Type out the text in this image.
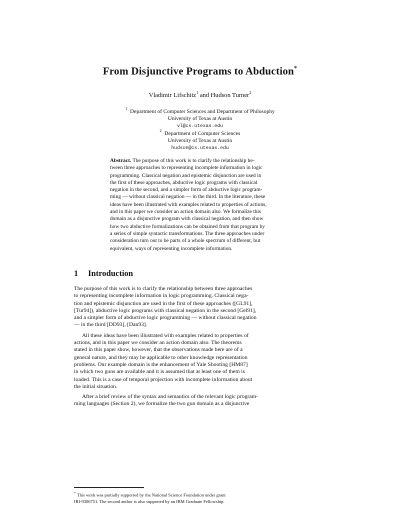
From Disjunctive Programs to Abduction*
Vladimir Lifschitz$^1$ and Hudson Turner$^2$
$^1$  Department of Computer Sciences and Department of Philosophy
University of Texas at Austin
vl@cs.utexas.edu
$^2$  Department of Computer Sciences
University of Texas at Austin
hudson@cs.utexas.edu
Abstract. The purpose of this work is to clarify the relationship be-
tween three approaches to representing incomplete information in logic
programming. Classical negation and epistemic disjunction are used in
the first of these approaches, abductive logic programs with classical
negation in the second, and a simpler form of abductive logic program-
ming — without classical negation — in the third. In the literature, these
ideas have been illustrated with examples related to properties of actions,
and in this paper we consider an action domain also. We formalize this
domain as a disjunctive program with classical negation, and then show
how two abductive formalizations can be obtained from that program by
a series of simple syntactic transformations. The three approaches under
consideration turn out to be parts of a whole spectrum of different, but
equivalent, ways of representing incomplete information.
1 Introduction
The purpose of this work is to clarify the relationship between three approaches
to representing incomplete information in logic programming. Classical nega-
tion and epistemic disjunction are used in the first of these approaches ([GL91],
[Tur94]), abductive logic programs with classical negation in the second [Gel91],
and a simpler form of abductive logic programming — without classical negation
— in the third [DD93], [Dan93].
All these ideas have been illustrated with examples related to properties of
actions, and in this paper we consider an action domain also. The theorems
stated in this paper show, however, that the observations made here are of a
general nature, and they may be applicable to other knowledge representation
problems. Our example domain is the enhancement of Yale Shooting [HM87]
in which two guns are available and it is assumed that at least one of them is
loaded. This is a case of temporal projection with incomplete information about
the initial situation.
After a brief review of the syntax and semantics of the relevant logic program-
ming languages (Section 2), we formalize the two gun domain as a disjunctive
* This work was partially supported by the National Science Foundation under grant
IRI-9306751. The second author is also supported by an IBM Graduate Fellowship.
